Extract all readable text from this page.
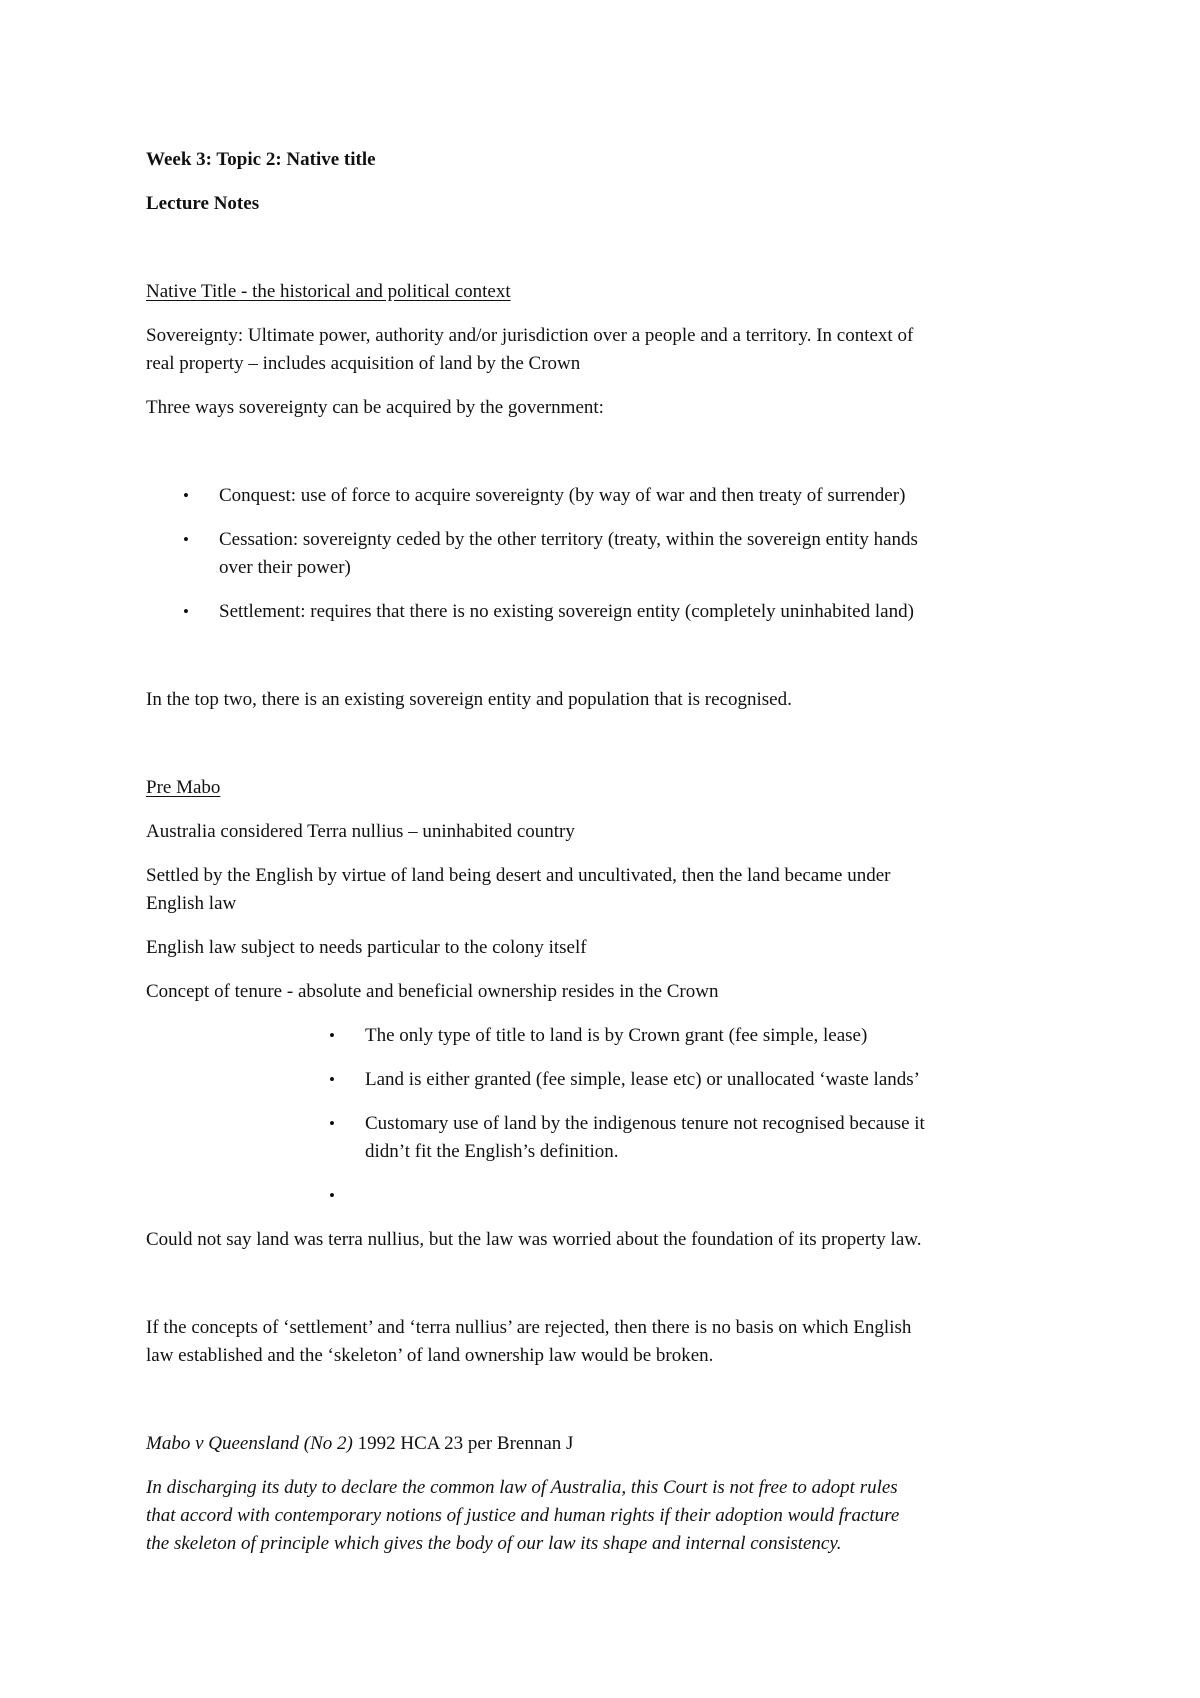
Week 3: Topic 2: Native title
Lecture Notes
Native Title - the historical and political context
Sovereignty: Ultimate power, authority and/or jurisdiction over a people and a territory. In context of
real property – includes acquisition of land by the Crown
Three ways sovereignty can be acquired by the government:
• Conquest: use of force to acquire sovereignty (by way of war and then treaty of surrender)
• Cessation: sovereignty ceded by the other territory (treaty, within the sovereign entity hands
over their power)
• Settlement: requires that there is no existing sovereign entity (completely uninhabited land)
In the top two, there is an existing sovereign entity and population that is recognised.
Pre Mabo
Australia considered Terra nullius – uninhabited country
Settled by the English by virtue of land being desert and uncultivated, then the land became under
English law
English law subject to needs particular to the colony itself
Concept of tenure - absolute and beneficial ownership resides in the Crown
• The only type of title to land is by Crown grant (fee simple, lease)
• Land is either granted (fee simple, lease etc) or unallocated ‘waste lands’
• Customary use of land by the indigenous tenure not recognised because it
didn’t fit the English’s definition.
•
Could not say land was terra nullius, but the law was worried about the foundation of its property law.
If the concepts of ‘settlement’ and ‘terra nullius’ are rejected, then there is no basis on which English
law established and the ‘skeleton’ of land ownership law would be broken.
Mabo v Queensland (No 2) 1992 HCA 23 per Brennan J
In discharging its duty to declare the common law of Australia, this Court is not free to adopt rules
that accord with contemporary notions of justice and human rights if their adoption would fracture
the skeleton of principle which gives the body of our law its shape and internal consistency.
